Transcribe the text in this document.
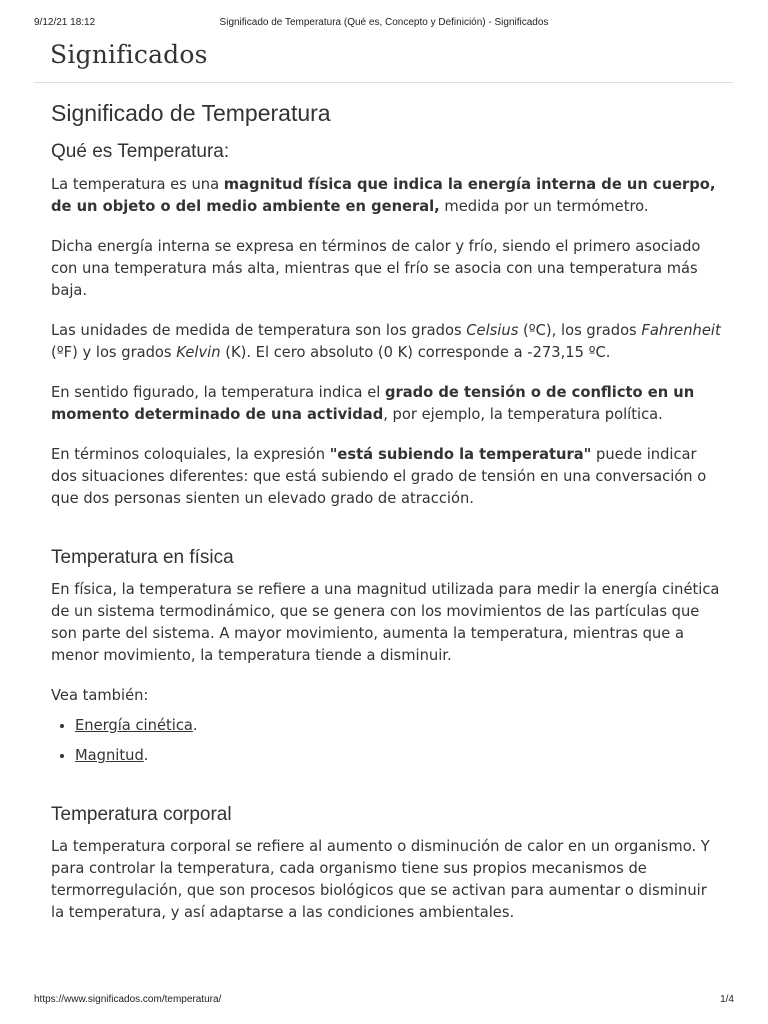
9/12/21 18:12	Significado de Temperatura (Qué es, Concepto y Definición) - Significados
Significados
Significado de Temperatura
Qué es Temperatura:

La temperatura es una magnitud física que indica la energía interna de un cuerpo, de un objeto o del medio ambiente en general, medida por un termómetro.

Dicha energía interna se expresa en términos de calor y frío, siendo el primero asociado con una temperatura más alta, mientras que el frío se asocia con una temperatura más baja.

Las unidades de medida de temperatura son los grados Celsius (ºC), los grados Fahrenheit (ºF) y los grados Kelvin (K). El cero absoluto (0 K) corresponde a -273,15 ºC.

En sentido figurado, la temperatura indica el grado de tensión o de conflicto en un momento determinado de una actividad, por ejemplo, la temperatura política.

En términos coloquiales, la expresión "está subiendo la temperatura" puede indicar dos situaciones diferentes: que está subiendo el grado de tensión en una conversación o que dos personas sienten un elevado grado de atracción.

Temperatura en física

En física, la temperatura se refiere a una magnitud utilizada para medir la energía cinética de un sistema termodinámico, que se genera con los movimientos de las partículas que son parte del sistema. A mayor movimiento, aumenta la temperatura, mientras que a menor movimiento, la temperatura tiende a disminuir.

Vea también:

• Energía cinética.
• Magnitud.
Temperatura corporal

La temperatura corporal se refiere al aumento o disminución de calor en un organismo. Y para controlar la temperatura, cada organismo tiene sus propios mecanismos de termorregulación, que son procesos biológicos que se activan para aumentar o disminuir la temperatura, y así adaptarse a las condiciones ambientales.

https://www.significados.com/temperatura/	1/4
